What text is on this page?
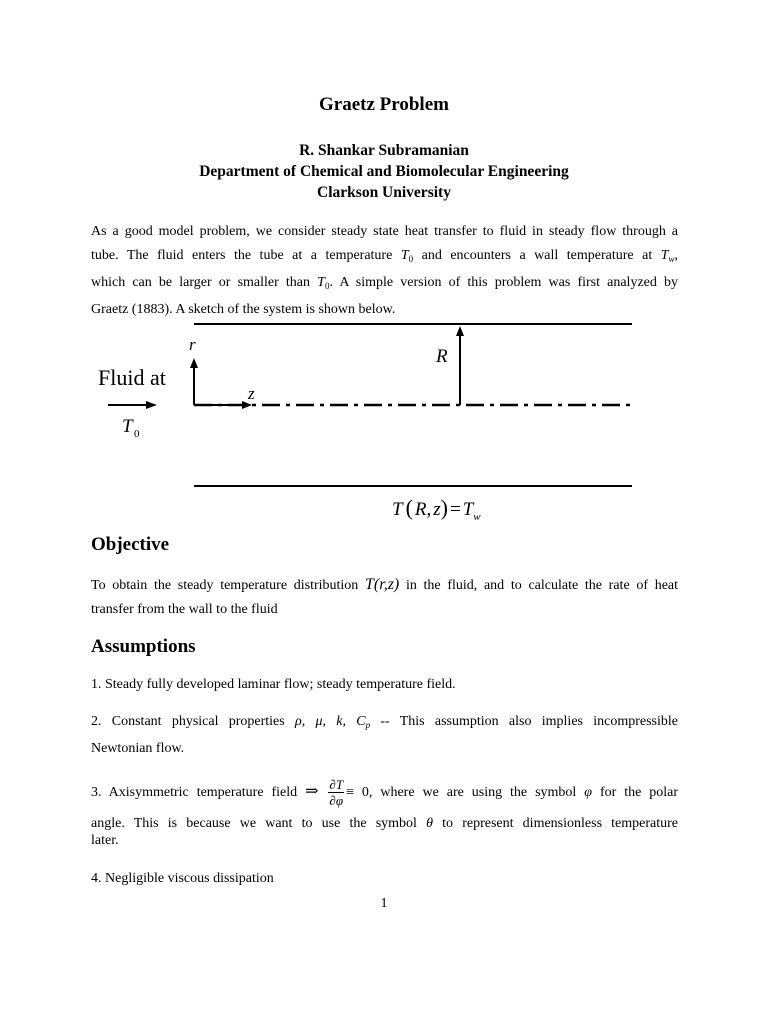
Graetz Problem
R. Shankar Subramanian
Department of Chemical and Biomolecular Engineering
Clarkson University
As a good model problem, we consider steady state heat transfer to fluid in steady flow through a
tube. The fluid enters the tube at a temperature $T_0$ and encounters a wall temperature at $T_w$,
which can be larger or smaller than $T_0$. A simple version of this problem was first analyzed by
Graetz (1883). A sketch of the system is shown below.
Fluid at
T 0
r
z
R
T ( R, $z) = T_w$
Objective
To obtain the steady temperature distribution T(r,z) in the fluid, and to calculate the rate of heat
transfer from the wall to the fluid
Assumptions
1. Steady fully developed laminar flow; steady temperature field.
2. Constant physical properties ρ, μ, k, $C_p$ -- This assumption also implies incompressible
Newtonian flow.
3. Axisymmetric temperature field ⇒ $\frac{\partial T}{\partial\varphi} \equiv 0$, where we are using the symbol φ for the polar
angle. This is because we want to use the symbol θ to represent dimensionless temperature
later.
4. Negligible viscous dissipation
1
